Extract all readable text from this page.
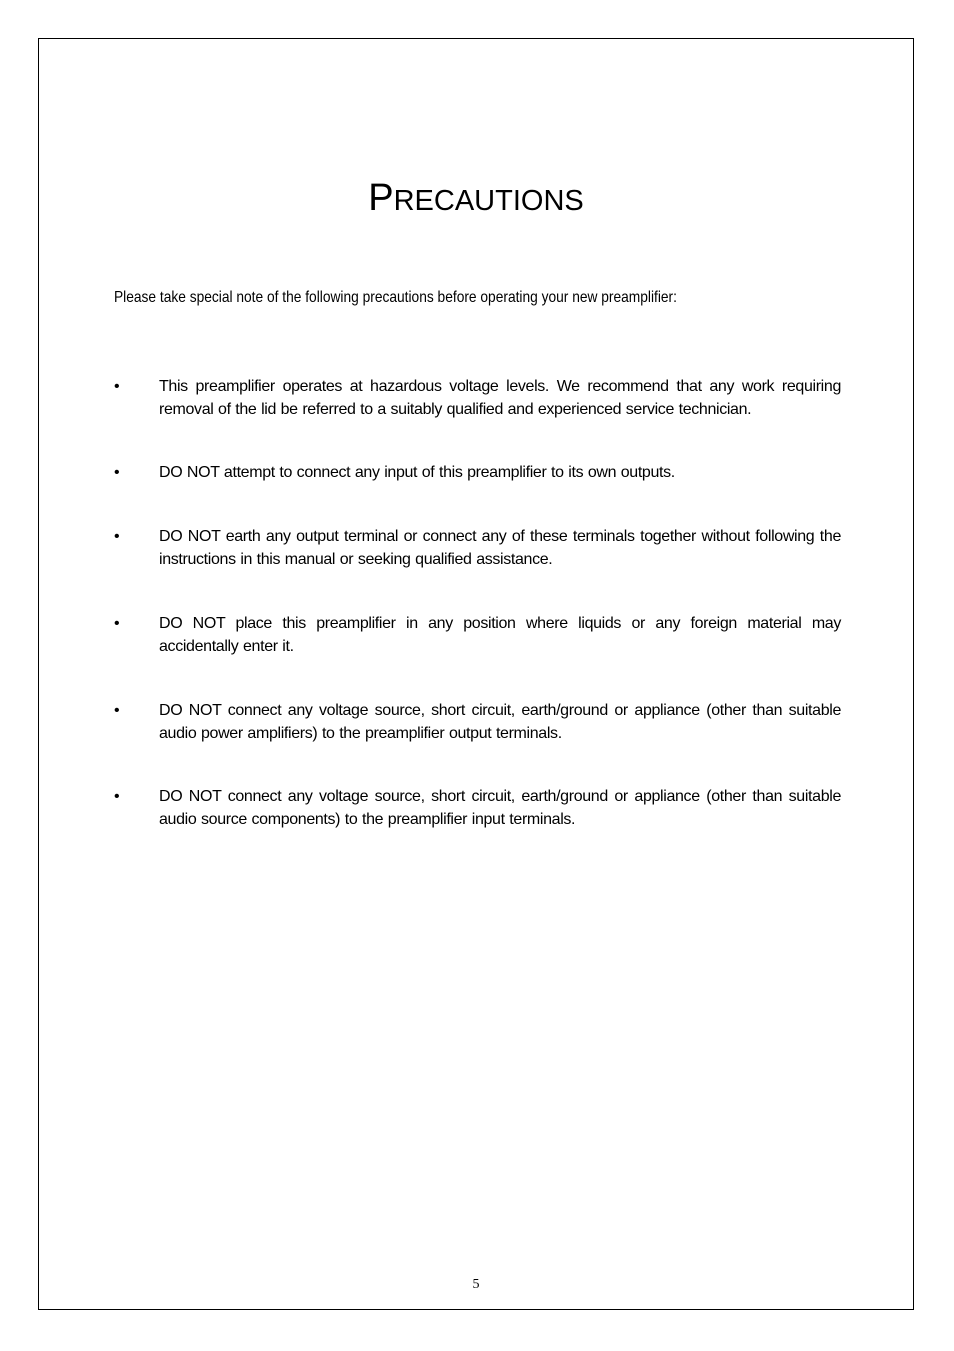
PRECAUTIONS

Please take special note of the following precautions before operating your new preamplifier:

• This preamplifier operates at hazardous voltage levels. We recommend that any work requiring removal of the lid be referred to a suitably qualified and experienced service technician.
• DO NOT attempt to connect any input of this preamplifier to its own outputs.
• DO NOT earth any output terminal or connect any of these terminals together without following the instructions in this manual or seeking qualified assistance.
• DO NOT place this preamplifier in any position where liquids or any foreign material may accidentally enter it.
• DO NOT connect any voltage source, short circuit, earth/ground or appliance (other than suitable audio power amplifiers) to the preamplifier output terminals.
• DO NOT connect any voltage source, short circuit, earth/ground or appliance (other than suitable audio source components) to the preamplifier input terminals.
5
